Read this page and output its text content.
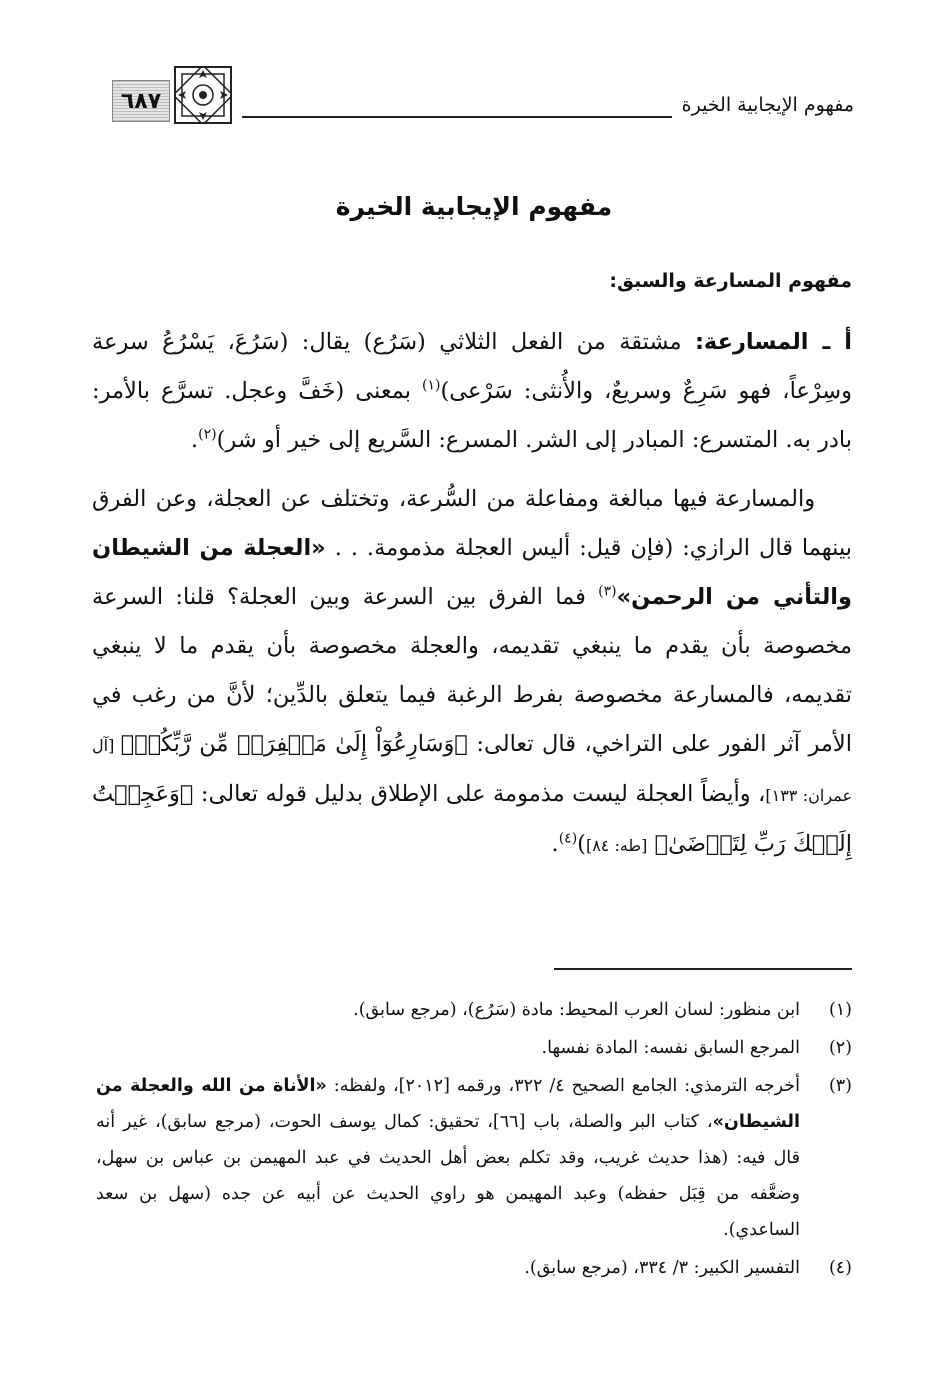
مفهوم الإيجابية الخيرة
٦٨٧
مفهوم الإيجابية الخيرة
مفهوم المسارعة والسبق:

أ ـ المسارعة: مشتقة من الفعل الثلاثي (سَرُع) يقال: (سَرُعَ، يَسْرُعُ سرعة وسِرْعاً، فهو سَرِعٌ وسريعٌ، والأُنثى: سَرْعى)$^{(١)}$ بمعنى (خَفَّ وعجل. تسرَّع بالأمر: بادر به. المتسرع: المبادر إلى الشر. المسرع: السَّريع إلى خير أو شر)$^{(٢)}$.

والمسارعة فيها مبالغة ومفاعلة من السُّرعة، وتختلف عن العجلة، وعن الفرق بينهما قال الرازي: (فإن قيل: أليس العجلة مذمومة. . . «العجلة من الشيطان والتأني من الرحمن»$^{(٣)}$ فما الفرق بين السرعة وبين العجلة؟ قلنا: السرعة مخصوصة بأن يقدم ما ينبغي تقديمه، والعجلة مخصوصة بأن يقدم ما لا ينبغي تقديمه، فالمسارعة مخصوصة بفرط الرغبة فيما يتعلق بالدِّين؛ لأنَّ من رغب في الأمر آثر الفور على التراخي، قال تعالى: ﴿وَسَارِعُوٓاْ إِلَىٰ مَغۡفِرَةٖ مِّن رَّبِّكُمۡ﴾ [آل عمران: ١٣٣]، وأيضاً العجلة ليست مذمومة على الإطلاق بدليل قوله تعالى: ﴿وَعَجِلۡتُ إِلَيۡكَ رَبِّ لِتَرۡضَىٰ﴾ [طه: ٨٤])$^{(٤)}$.

(١)
ابن منظور: لسان العرب المحيط: مادة (سَرُع)، (مرجع سابق).
(٢)
المرجع السابق نفسه: المادة نفسها.
(٣)
أخرجه الترمذي: الجامع الصحيح ٤/ ٣٢٢، ورقمه [٢٠١٢]، ولفظه: «الأناة من الله والعجلة من الشيطان»، كتاب البر والصلة، باب [٦٦]، تحقيق: كمال يوسف الحوت، (مرجع سابق)، غير أنه قال فيه: (هذا حديث غريب، وقد تكلم بعض أهل الحديث في عبد المهيمن بن عباس بن سهل، وضعَّفه من قِبَل حفظه) وعبد المهيمن هو راوي الحديث عن أبيه عن جده (سهل بن سعد الساعدي).
(٤)
التفسير الكبير: ٣/ ٣٣٤، (مرجع سابق).
